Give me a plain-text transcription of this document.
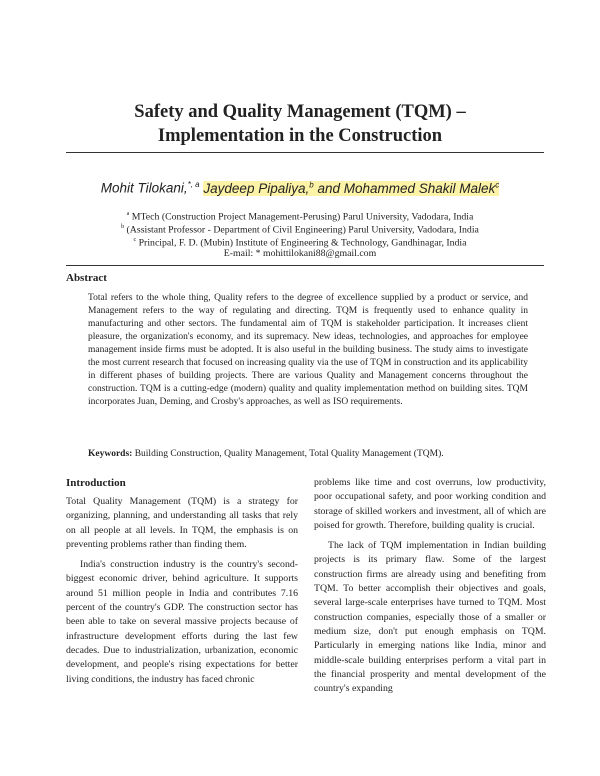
Safety and Quality Management (TQM) –
Implementation in the Construction
Mohit Tilokani,$^{*, a}$ Jaydeep Pipaliya,$^b$ and Mohammed Shakil Malek$^c$
$^a$ MTech (Construction Project Management-Perusing) Parul University, Vadodara, India
$^b$ (Assistant Professor - Department of Civil Engineering) Parul University, Vadodara, India
$^c$ Principal, F. D. (Mubin) Institute of Engineering & Technology, Gandhinagar, India
E-mail: * mohittilokani88@gmail.com
Abstract
Total refers to the whole thing, Quality refers to the degree of excellence supplied by a product or service, and Management refers to the way of regulating and directing. TQM is frequently used to enhance quality in manufacturing and other sectors. The fundamental aim of TQM is stakeholder participation. It increases client pleasure, the organization's economy, and its supremacy. New ideas, technologies, and approaches for employee management inside firms must be adopted. It is also useful in the building business. The study aims to investigate the most current research that focused on increasing quality via the use of TQM in construction and its applicability in different phases of building projects. There are various Quality and Management concerns throughout the construction. TQM is a cutting-edge (modern) quality and quality implementation method on building sites. TQM incorporates Juan, Deming, and Crosby's approaches, as well as ISO requirements.
Keywords: Building Construction, Quality Management, Total Quality Management (TQM).
Introduction

Total Quality Management (TQM) is a strategy for organizing, planning, and understanding all tasks that rely on all people at all levels. In TQM, the emphasis is on preventing problems rather than finding them.

India's construction industry is the country's second-biggest economic driver, behind agriculture. It supports around 51 million people in India and contributes 7.16 percent of the country's GDP. The construction sector has been able to take on several massive projects because of infrastructure development efforts during the last few decades. Due to industrialization, urbanization, economic development, and people's rising expectations for better living conditions, the industry has faced chronic

problems like time and cost overruns, low productivity, poor occupational safety, and poor working condition and storage of skilled workers and investment, all of which are poised for growth. Therefore, building quality is crucial.

The lack of TQM implementation in Indian building projects is its primary flaw. Some of the largest construction firms are already using and benefiting from TQM. To better accomplish their objectives and goals, several large-scale enterprises have turned to TQM. Most construction companies, especially those of a smaller or medium size, don't put enough emphasis on TQM. Particularly in emerging nations like India, minor and middle-scale building enterprises perform a vital part in the financial prosperity and mental development of the country's expanding
